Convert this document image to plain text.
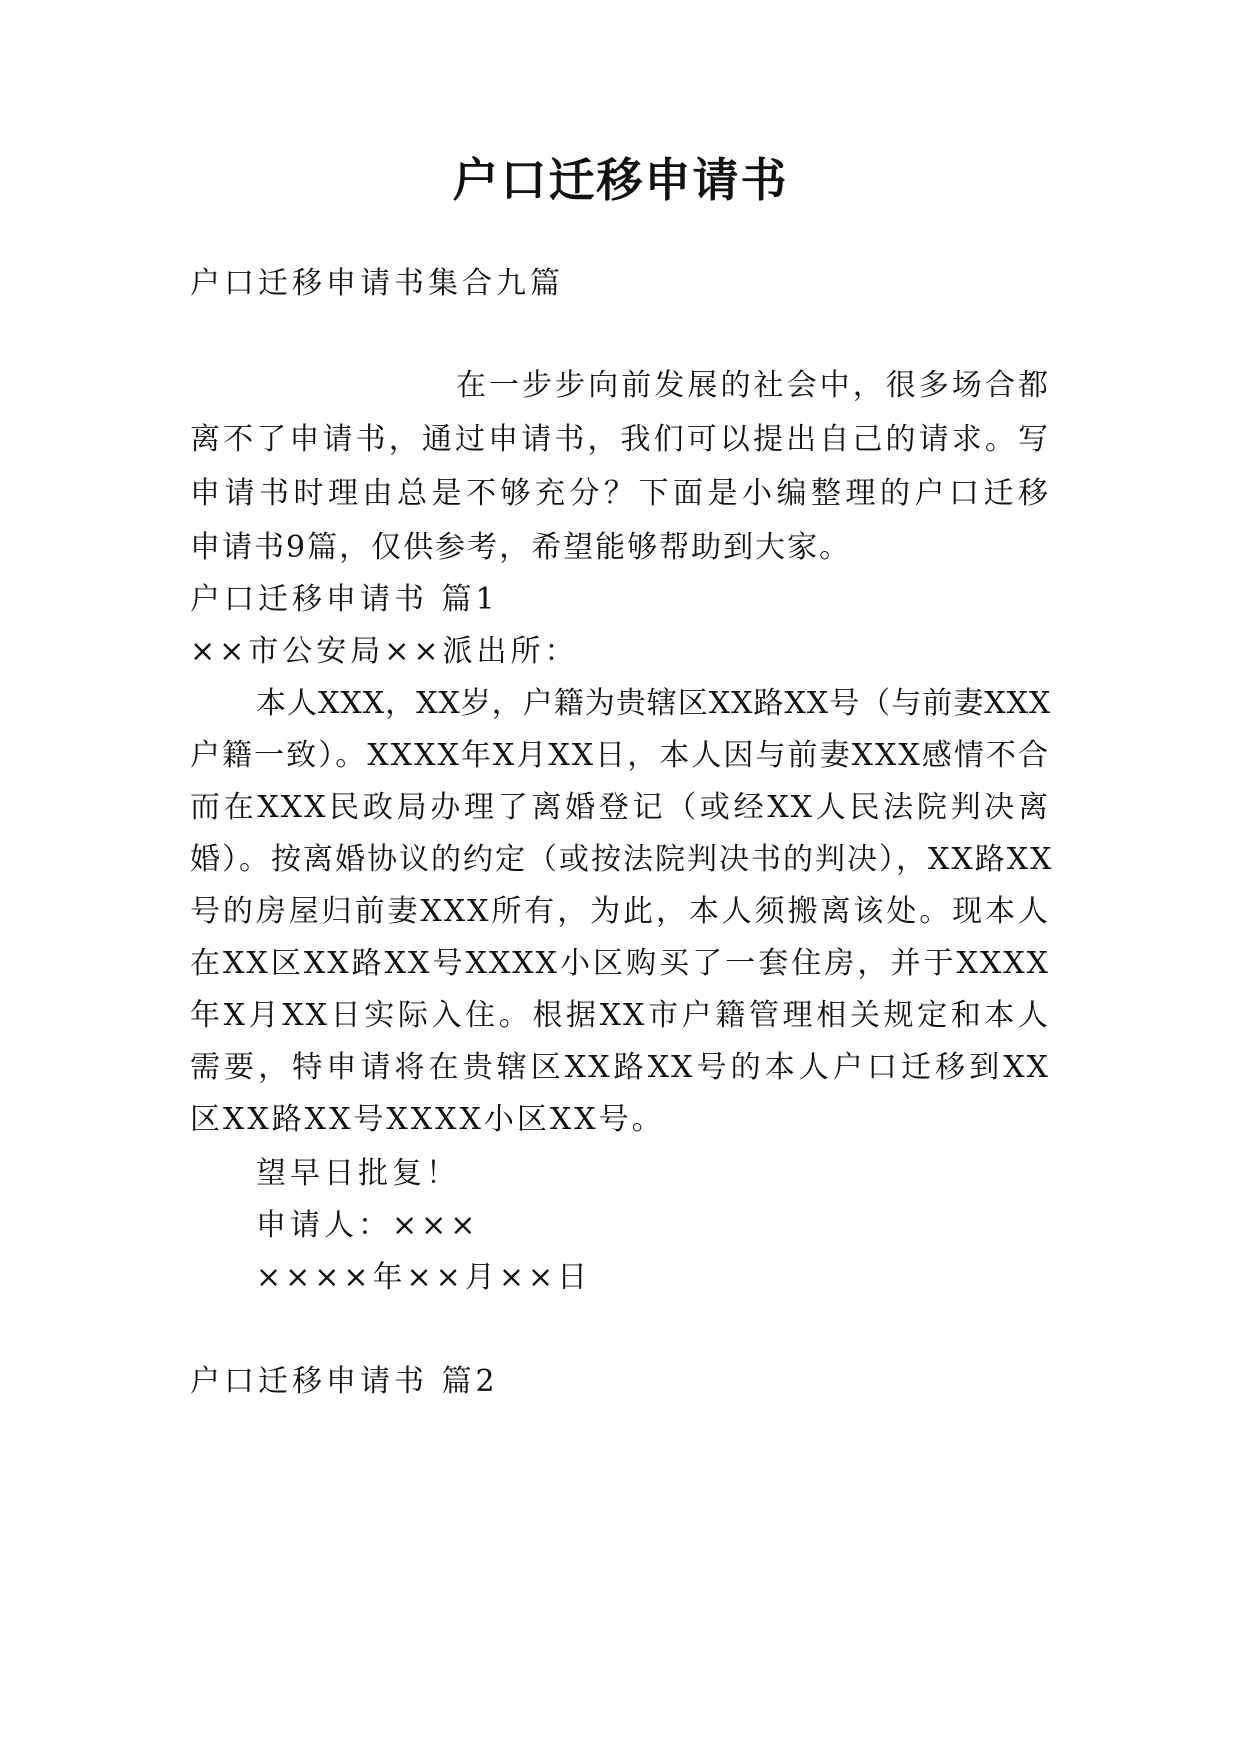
户口迁移申请书
户口迁移申请书集合九篇
在一步步向前发展的社会中，很多场合都
离不了申请书，通过申请书，我们可以提出自己的请求。写
申请书时理由总是不够充分？下面是小编整理的户口迁移
申请书9篇，仅供参考，希望能够帮助到大家。
户口迁移申请书 篇1
××市公安局××派出所：
本人XXX，XX岁，户籍为贵辖区XX路XX号（与前妻XXX
户籍一致）。XXXX年X月XX日，本人因与前妻XXX感情不合
而在XXX民政局办理了离婚登记（或经XX人民法院判决离
婚）。按离婚协议的约定（或按法院判决书的判决），XX路XX
号的房屋归前妻XXX所有，为此，本人须搬离该处。现本人
在XX区XX路XX号XXXX小区购买了一套住房，并于XXXX
年X月XX日实际入住。根据XX市户籍管理相关规定和本人
需要，特申请将在贵辖区XX路XX号的本人户口迁移到XX
区XX路XX号XXXX小区XX号。
望早日批复！
申请人：×××
××××年××月××日
户口迁移申请书 篇2
